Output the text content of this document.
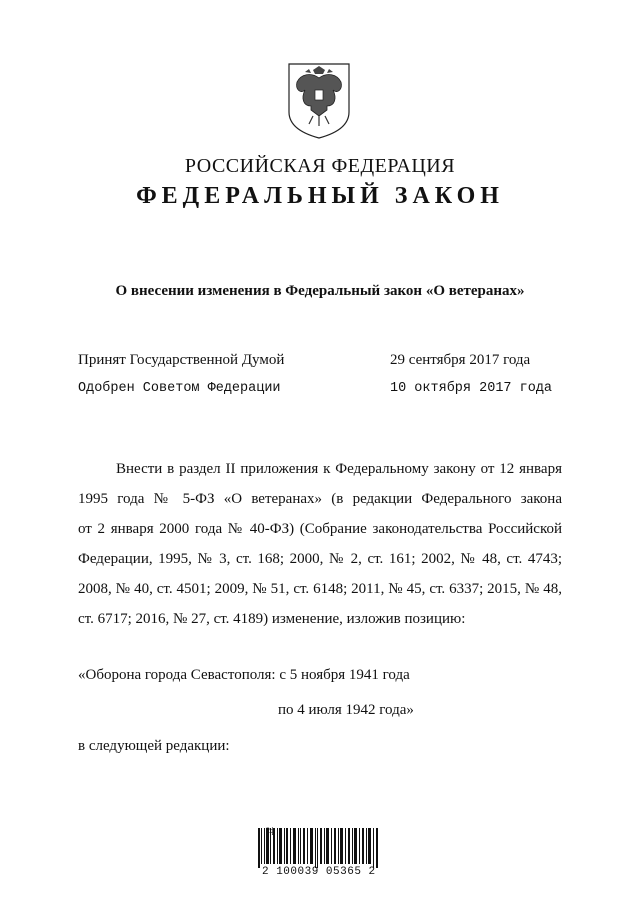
РОССИЙСКАЯ ФЕДЕРАЦИЯ
ФЕДЕРАЛЬНЫЙ ЗАКОН
О внесении изменения в Федеральный закон «О ветеранах»
Принят Государственной Думой	29 сентября 2017 года
Одобрен Советом Федерации	10 октября 2017 года
Внести в раздел II приложения к Федеральному закону от 12 января
1995 года № 5-ФЗ «О ветеранах» (в редакции Федерального закона
от 2 января 2000 года № 40-ФЗ) (Собрание законодательства Российской
Федерации, 1995, № 3, ст. 168; 2000, № 2, ст. 161; 2002, № 48, ст. 4743;
2008, № 40, ст. 4501; 2009, № 51, ст. 6148; 2011, № 45, ст. 6337; 2015, № 48,
ст. 6717; 2016, № 27, ст. 4189) изменение, изложив позицию:
«Оборона города Севастополя: с 5 ноября 1941 года
по 4 июля 1942 года»
в следующей редакции:
2 100039 05365 2
